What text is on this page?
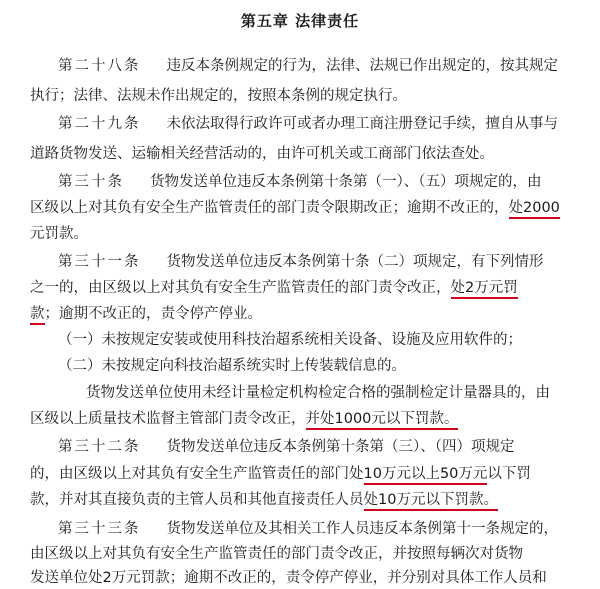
第五章 法律责任
第二十八条 违反本条例规定的行为，法律、法规已作出规定的，按其规定
执行；法律、法规未作出规定的，按照本条例的规定执行。
第二十九条 未依法取得行政许可或者办理工商注册登记手续，擅自从事与
道路货物发送、运输相关经营活动的，由许可机关或工商部门依法查处。
第三十条 货物发送单位违反本条例第十条第（一）、（五）项规定的，由
区级以上对其负有安全生产监管责任的部门责令限期改正；逾期不改正的，处2000
元罚款。
第三十一条 货物发送单位违反本条例第十条（二）项规定，有下列情形
之一的，由区级以上对其负有安全生产监管责任的部门责令改正，处2万元罚
款；逾期不改正的，责令停产停业。
（一）未按规定安装或使用科技治超系统相关设备、设施及应用软件的；
（二）未按规定向科技治超系统实时上传装载信息的。
货物发送单位使用未经计量检定机构检定合格的强制检定计量器具的，由
区级以上质量技术监督主管部门责令改正，并处1000元以下罚款。
第三十二条 货物发送单位违反本条例第十条第（三）、（四）项规定
的，由区级以上对其负有安全生产监管责任的部门处10万元以上50万元以下罚
款，并对其直接负责的主管人员和其他直接责任人员处10万元以下罚款。
第三十三条 货物发送单位及其相关工作人员违反本条例第十一条规定的，
由区级以上对其负有安全生产监管责任的部门责令改正，并按照每辆次对货物
发送单位处2万元罚款；逾期不改正的，责令停产停业，并分别对具体工作人员和
